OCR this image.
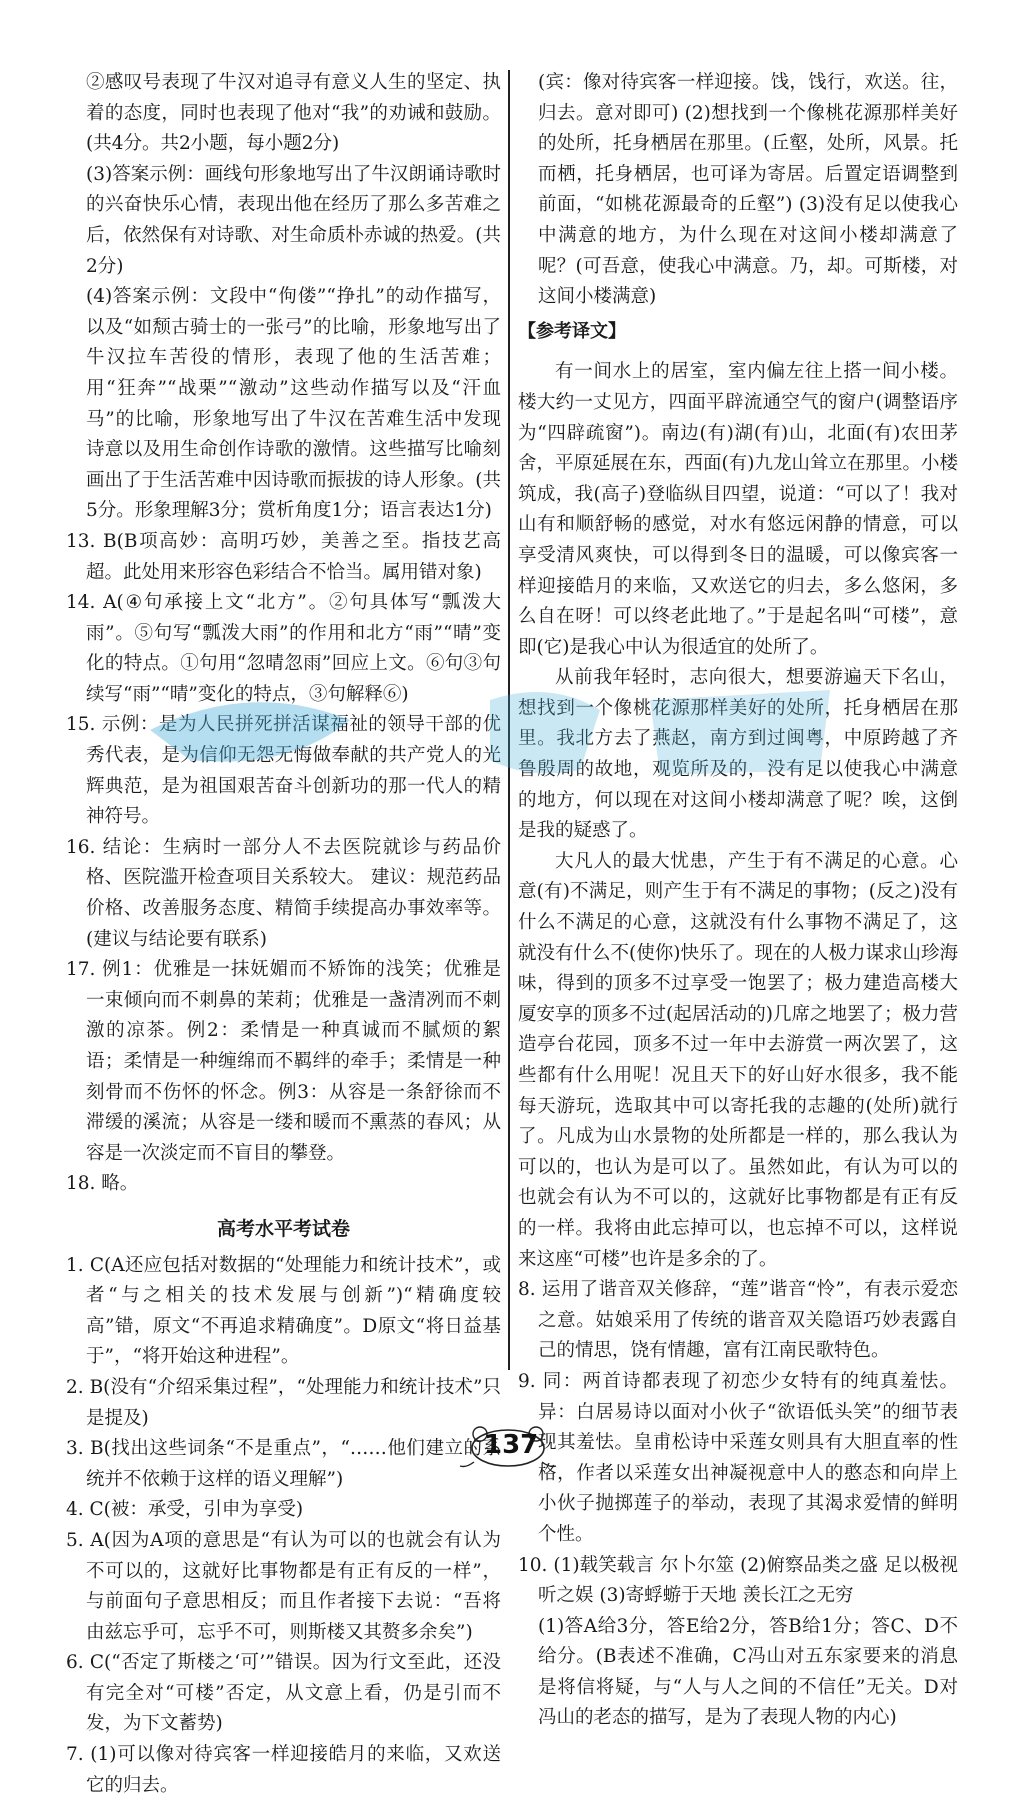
②感叹号表现了牛汉对追寻有意义人生的坚定、执着的态度，同时也表现了他对“我”的劝诫和鼓励。(共4分。共2小题，每小题2分)

(3)答案示例：画线句形象地写出了牛汉朗诵诗歌时的兴奋快乐心情，表现出他在经历了那么多苦难之后，依然保有对诗歌、对生命质朴赤诚的热爱。(共2分)

(4)答案示例：文段中“佝偻”“挣扎”的动作描写，以及“如颓古骑士的一张弓”的比喻，形象地写出了牛汉拉车苦役的情形，表现了他的生活苦难；用“狂奔”“战栗”“激动”这些动作描写以及“汗血马”的比喻，形象地写出了牛汉在苦难生活中发现诗意以及用生命创作诗歌的激情。这些描写比喻刻画出了于生活苦难中因诗歌而振拔的诗人形象。(共5分。形象理解3分；赏析角度1分；语言表达1分)

13. B(B项高妙：高明巧妙，美善之至。指技艺高超。此处用来形容色彩结合不恰当。属用错对象)

14. A(④句承接上文“北方”。②句具体写“瓢泼大雨”。⑤句写“瓢泼大雨”的作用和北方“雨”“晴”变化的特点。①句用“忽晴忽雨”回应上文。⑥句③句续写“雨”“晴”变化的特点，③句解释⑥)

15. 示例：是为人民拼死拼活谋福祉的领导干部的优秀代表，是为信仰无怨无悔做奉献的共产党人的光辉典范，是为祖国艰苦奋斗创新功的那一代人的精神符号。

16. 结论：生病时一部分人不去医院就诊与药品价格、医院滥开检查项目关系较大。 建议：规范药品价格、改善服务态度、精简手续提高办事效率等。(建议与结论要有联系)

17. 例1：优雅是一抹妩媚而不矫饰的浅笑；优雅是一束倾向而不刺鼻的茉莉；优雅是一盏清冽而不刺激的凉茶。例2：柔情是一种真诚而不腻烦的絮语；柔情是一种缠绵而不羁绊的牵手；柔情是一种刻骨而不伤怀的怀念。例3：从容是一条舒徐而不滞缓的溪流；从容是一缕和暖而不熏蒸的春风；从容是一次淡定而不盲目的攀登。

18. 略。

高考水平考试卷

1. C(A还应包括对数据的“处理能力和统计技术”，或者“与之相关的技术发展与创新”)“精确度较高”错，原文“不再追求精确度”。D原文“将日益基于”，“将开始这种进程”。

2. B(没有“介绍采集过程”，“处理能力和统计技术”只是提及)

3. B(找出这些词条“不是重点”，“……他们建立的系统并不依赖于这样的语义理解”)

4. C(被：承受，引申为享受)

5. A(因为A项的意思是“有认为可以的也就会有认为不可以的，这就好比事物都是有正有反的一样”，与前面句子意思相反；而且作者接下去说：“吾将由兹忘乎可，忘乎不可，则斯楼又其赘多余矣”)

6. C(“否定了斯楼之‘可’”错误。因为行文至此，还没有完全对“可楼”否定，从文意上看，仍是引而不发，为下文蓄势)

7. (1)可以像对待宾客一样迎接皓月的来临，又欢送它的归去。

(宾：像对待宾客一样迎接。饯，饯行，欢送。往，归去。意对即可) (2)想找到一个像桃花源那样美好的处所，托身栖居在那里。(丘壑，处所，风景。托而栖，托身栖居，也可译为寄居。后置定语调整到前面，“如桃花源最奇的丘壑”) (3)没有足以使我心中满意的地方，为什么现在对这间小楼却满意了呢？(可吾意，使我心中满意。乃，却。可斯楼，对这间小楼满意)

【参考译文】

有一间水上的居室，室内偏左往上搭一间小楼。楼大约一丈见方，四面平辟流通空气的窗户(调整语序为“四辟疏窗”)。南边(有)湖(有)山，北面(有)农田茅舍，平原延展在东，西面(有)九龙山耸立在那里。小楼筑成，我(高子)登临纵目四望，说道：“可以了！我对山有和顺舒畅的感觉，对水有悠远闲静的情意，可以享受清风爽快，可以得到冬日的温暖，可以像宾客一样迎接皓月的来临，又欢送它的归去，多么悠闲，多么自在呀！可以终老此地了。”于是起名叫“可楼”，意即(它)是我心中认为很适宜的处所了。

从前我年轻时，志向很大，想要游遍天下名山，想找到一个像桃花源那样美好的处所，托身栖居在那里。我北方去了燕赵，南方到过闽粤，中原跨越了齐鲁殷周的故地，观览所及的，没有足以使我心中满意的地方，何以现在对这间小楼却满意了呢？唉，这倒是我的疑惑了。

大凡人的最大忧患，产生于有不满足的心意。心意(有)不满足，则产生于有不满足的事物；(反之)没有什么不满足的心意，这就没有什么事物不满足了，这就没有什么不(使你)快乐了。现在的人极力谋求山珍海味，得到的顶多不过享受一饱罢了；极力建造高楼大厦安享的顶多不过(起居活动的)几席之地罢了；极力营造亭台花园，顶多不过一年中去游赏一两次罢了，这些都有什么用呢！况且天下的好山好水很多，我不能每天游玩，选取其中可以寄托我的志趣的(处所)就行了。凡成为山水景物的处所都是一样的，那么我认为可以的，也认为是可以了。虽然如此，有认为可以的也就会有认为不可以的，这就好比事物都是有正有反的一样。我将由此忘掉可以，也忘掉不可以，这样说来这座“可楼”也许是多余的了。

8. 运用了谐音双关修辞，“莲”谐音“怜”，有表示爱恋之意。姑娘采用了传统的谐音双关隐语巧妙表露自己的情思，饶有情趣，富有江南民歌特色。

9. 同：两首诗都表现了初恋少女特有的纯真羞怯。异：白居易诗以面对小伙子“欲语低头笑”的细节表现其羞怯。皇甫松诗中采莲女则具有大胆直率的性格，作者以采莲女出神凝视意中人的憨态和向岸上小伙子抛掷莲子的举动，表现了其渴求爱情的鲜明个性。

10. (1)载笑载言 尔卜尔筮 (2)俯察品类之盛 足以极视听之娱 (3)寄蜉蝣于天地 羡长江之无穷

(1)答A给3分，答E给2分，答B给1分；答C、D不给分。(B表述不准确，C冯山对五东家要来的消息是将信将疑，与“人与人之间的不信任”无关。D对冯山的老态的描写，是为了表现人物的内心)

137
